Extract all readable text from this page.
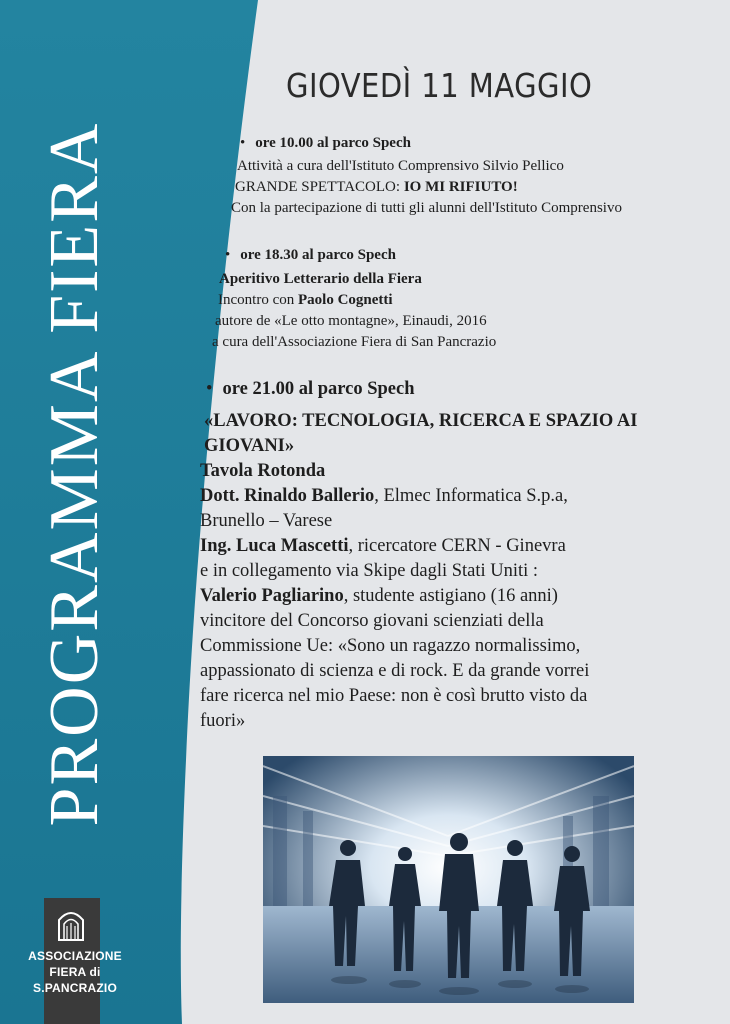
PROGRAMMA FIERA
ASSOCIAZIONE
FIERA di
S.PANCRAZIO
GIOVEDÌ 11 MAGGIO
• ore 10.00 al parco Spech
Attività a cura dell'Istituto Comprensivo Silvio Pellico
GRANDE SPETTACOLO: IO MI RIFIUTO!
Con la partecipazione di tutti gli alunni dell'Istituto Comprensivo
• ore 18.30 al parco Spech
Aperitivo Letterario della Fiera
Incontro con Paolo Cognetti
autore de «Le otto montagne», Einaudi, 2016
a cura dell'Associazione Fiera di San Pancrazio
• ore 21.00 al parco Spech
«LAVORO: TECNOLOGIA, RICERCA E SPAZIO AI
GIOVANI»
Tavola Rotonda
Dott. Rinaldo Ballerio, Elmec Informatica S.p.a,
Brunello – Varese
Ing. Luca Mascetti, ricercatore CERN - Ginevra
e in collegamento via Skipe dagli Stati Uniti :
Valerio Pagliarino, studente astigiano (16 anni)
vincitore del Concorso giovani scienziati della
Commissione Ue: «Sono un ragazzo normalissimo,
appassionato di scienza e di rock. E da grande vorrei
fare ricerca nel mio Paese: non è così brutto visto da
fuori»
